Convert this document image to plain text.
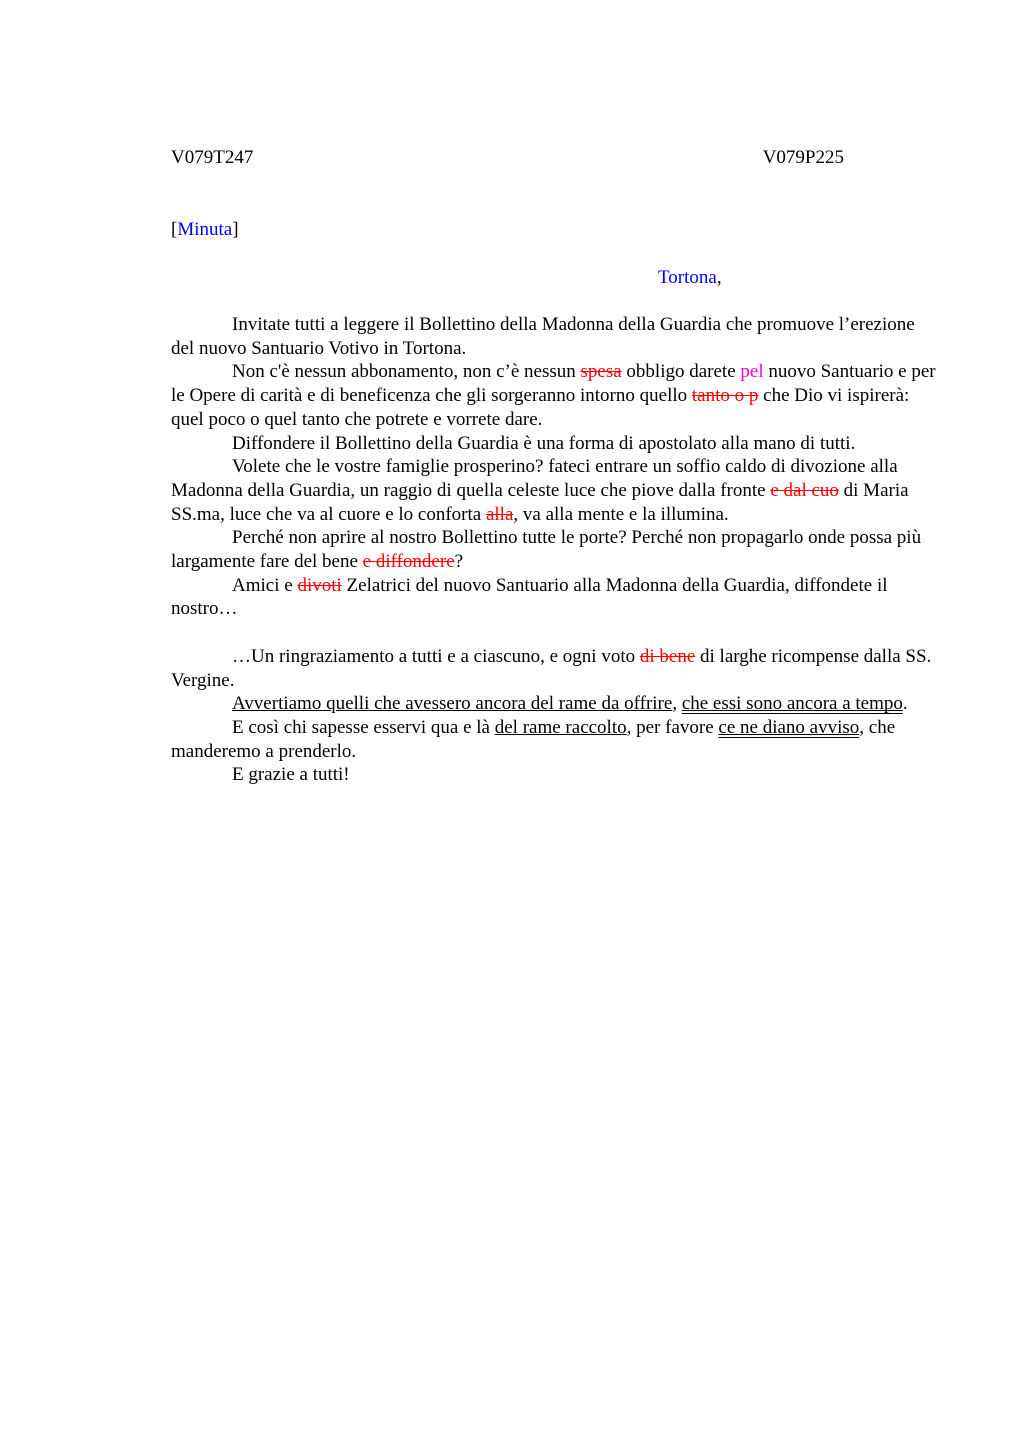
V079T247	V079P225
[Minuta]
Tortona,

Invitate tutti a leggere il Bollettino della Madonna della Guardia che promuove l’erezione del nuovo Santuario Votivo in Tortona.

Non c'è nessun abbonamento, non c’è nessun spesa obbligo darete pel nuovo Santuario e per le Opere di carità e di beneficenza che gli sorgeranno intorno quello tanto o p che Dio vi ispirerà: quel poco o quel tanto che potrete e vorrete dare.

Diffondere il Bollettino della Guardia è una forma di apostolato alla mano di tutti.

Volete che le vostre famiglie prosperino? fateci entrare un soffio caldo di divozione alla Madonna della Guardia, un raggio di quella celeste luce che piove dalla fronte e dal cuo di Maria SS.ma, luce che va al cuore e lo conforta alla, va alla mente e la illumina.

Perché non aprire al nostro Bollettino tutte le porte? Perché non propagarlo onde possa più largamente fare del bene e diffondere?

Amici e divoti Zelatrici del nuovo Santuario alla Madonna della Guardia, diffondete il nostro…

…Un ringraziamento a tutti e a ciascuno, e ogni voto di bene di larghe ricompense dalla SS. Vergine.

Avvertiamo quelli che avessero ancora del rame da offrire, che essi sono ancora a tempo.

E così chi sapesse esservi qua e là del rame raccolto, per favore ce ne diano avviso, che manderemo a prenderlo.

E grazie a tutti!
